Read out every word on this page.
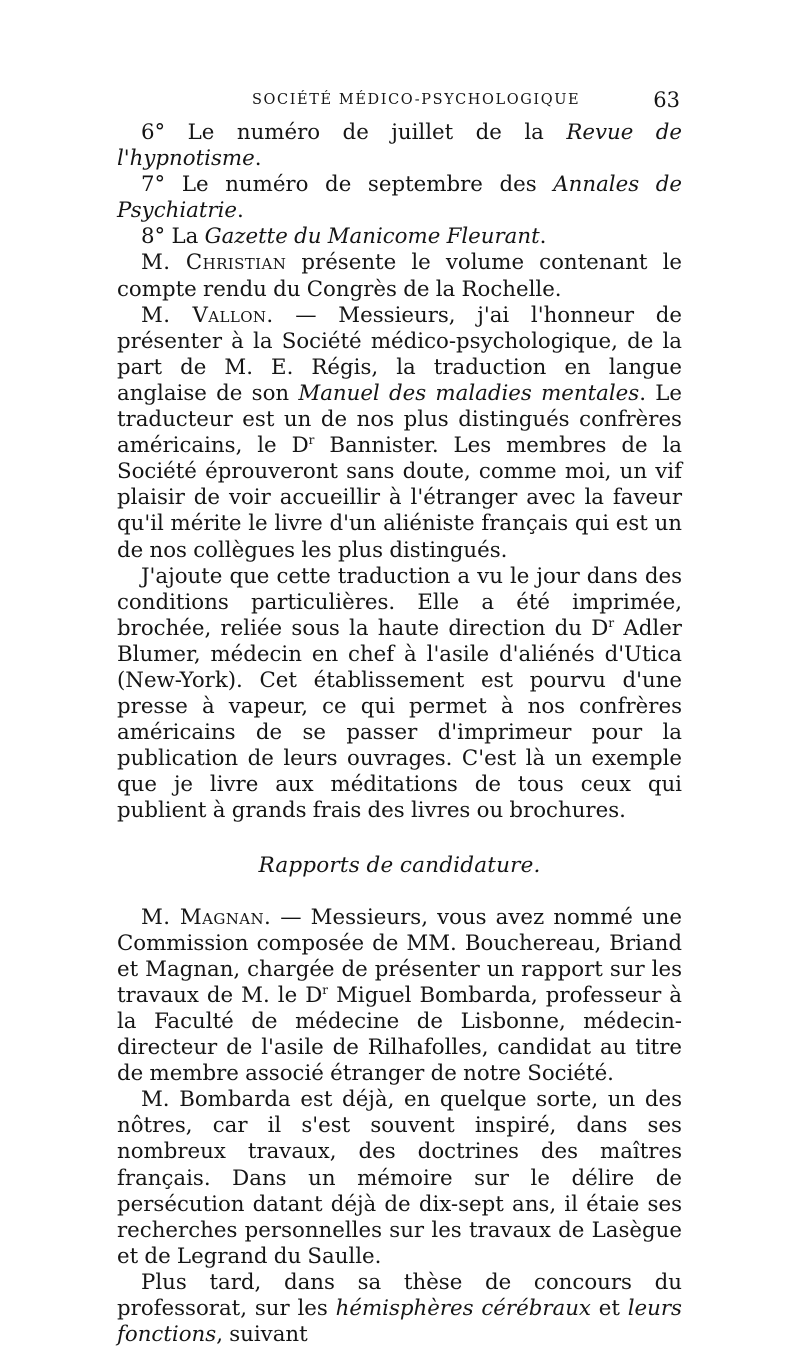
SOCIÉTÉ MÉDICO-PSYCHOLOGIQUE	63

6° Le numéro de juillet de la Revue de l'hypnotisme.

7° Le numéro de septembre des Annales de Psychiatrie.

8° La Gazette du Manicome Fleurant.

M. Christian présente le volume contenant le compte rendu du Congrès de la Rochelle.

M. Vallon. — Messieurs, j'ai l'honneur de présenter à la Société médico-psychologique, de la part de M. E. Régis, la traduction en langue anglaise de son Manuel des maladies mentales. Le traducteur est un de nos plus distingués confrères américains, le $D^r$ Bannister. Les membres de la Société éprouveront sans doute, comme moi, un vif plaisir de voir accueillir à l'étranger avec la faveur qu'il mérite le livre d'un aliéniste français qui est un de nos collègues les plus distingués.

J'ajoute que cette traduction a vu le jour dans des conditions particulières. Elle a été imprimée, brochée, reliée sous la haute direction du $D^r$ Adler Blumer, médecin en chef à l'asile d'aliénés d'Utica (New-York). Cet établissement est pourvu d'une presse à vapeur, ce qui permet à nos confrères américains de se passer d'imprimeur pour la publication de leurs ouvrages. C'est là un exemple que je livre aux méditations de tous ceux qui publient à grands frais des livres ou brochures.

Rapports de candidature.

M. Magnan. — Messieurs, vous avez nommé une Commission composée de MM. Bouchereau, Briand et Magnan, chargée de présenter un rapport sur les travaux de M. le $D^r$ Miguel Bombarda, professeur à la Faculté de médecine de Lisbonne, médecin-directeur de l'asile de Rilhafolles, candidat au titre de membre associé étranger de notre Société.

M. Bombarda est déjà, en quelque sorte, un des nôtres, car il s'est souvent inspiré, dans ses nombreux travaux, des doctrines des maîtres français. Dans un mémoire sur le délire de persécution datant déjà de dix-sept ans, il étaie ses recherches personnelles sur les travaux de Lasègue et de Legrand du Saulle.

Plus tard, dans sa thèse de concours du professorat, sur les hémisphères cérébraux et leurs fonctions, suivant
